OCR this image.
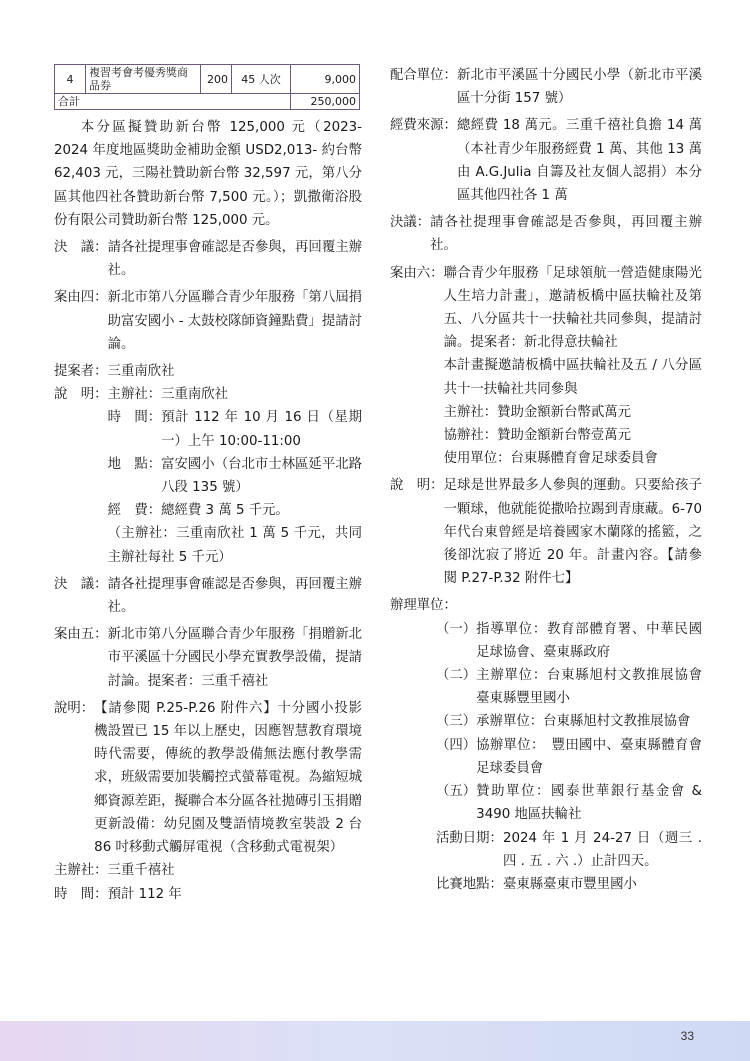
4	複習考會考優秀獎商品券	200	45 人次	9,000
合計				250,000
本分區擬贊助新台幣 125,000 元（2023-2024 年度地區獎助金補助金額 USD2,013- 約台幣 62,403 元，三陽社贊助新台幣 32,597 元，第八分區其他四社各贊助新台幣 7,500 元。）；凱撒衛浴股份有限公司贊助新台幣 125,000 元。
決　議： 請各社提理事會確認是否參與，再回覆主辦社。
案由四： 新北市第八分區聯合青少年服務「第八屆捐助富安國小 - 太鼓校隊師資鐘點費」提請討論。
提案者： 三重南欣社
說　明： 主辦社：三重南欣社
時　間： 預計 112 年 10 月 16 日（星期一）上午 10:00-11:00
地　點： 富安國小（台北市士林區延平北路八段 135 號）
經　費： 總經費 3 萬 5 千元。
（主辦社：三重南欣社 1 萬 5 千元，共同主辦社每社 5 千元）
決　議： 請各社提理事會確認是否參與，再回覆主辦社。
案由五： 新北市第八分區聯合青少年服務「捐贈新北市平溪區十分國民小學充實教學設備，提請討論。提案者：三重千禧社
說明： 【請參閱 P.25-P.26 附件六】十分國小投影機設置已 15 年以上歷史，因應智慧教育環境時代需要，傳統的教學設備無法應付教學需求，班級需要加裝觸控式螢幕電視。為縮短城鄉資源差距，擬聯合本分區各社拋磚引玉捐贈更新設備：幼兒園及雙語情境教室裝設 2 台 86 吋移動式觸屏電視（含移動式電視架）
主辦社： 三重千禧社
時　間： 預計 112 年
配合單位： 新北市平溪區十分國民小學（新北市平溪區十分街 157 號）
經費來源： 總經費 18 萬元。三重千禧社負擔 14 萬（本社青少年服務經費 1 萬、其他 13 萬由 A.G.Julia 自籌及社友個人認捐）本分區其他四社各 1 萬
決議： 請各社提理事會確認是否參與，再回覆主辦社。
案由六： 聯合青少年服務「足球領航一營造健康陽光人生培力計畫」，邀請板橋中區扶輪社及第五、八分區共十一扶輪社共同參與，提請討論。提案者：新北得意扶輪社
本計畫擬邀請板橋中區扶輪社及五 / 八分區共十一扶輪社共同參與
主辦社：贊助金額新台幣貳萬元
協辦社：贊助金額新台幣壹萬元
使用單位：台東縣體育會足球委員會
說　明： 足球是世界最多人參與的運動。只要給孩子一顆球，他就能從撒哈拉踢到青康藏。6-70 年代台東曾經是培養國家木蘭隊的搖籃，之後卻沈寂了將近 20 年。計畫內容。【請參閱 P.27-P.32 附件七】
辦理單位：
（一） 指導單位：教育部體育署、中華民國足球協會、臺東縣政府
（二） 主辦單位：台東縣旭村文教推展協會　臺東縣豐里國小
（三） 承辦單位：台東縣旭村文教推展協會
（四） 協辦單位：　豐田國中、臺東縣體育會足球委員會
（五） 贊助單位：國泰世華銀行基金會 & 3490 地區扶輪社
活動日期： 2024 年 1 月 24-27 日（週三 . 四 . 五 . 六 .）止計四天。
比賽地點： 臺東縣臺東市豐里國小
33
